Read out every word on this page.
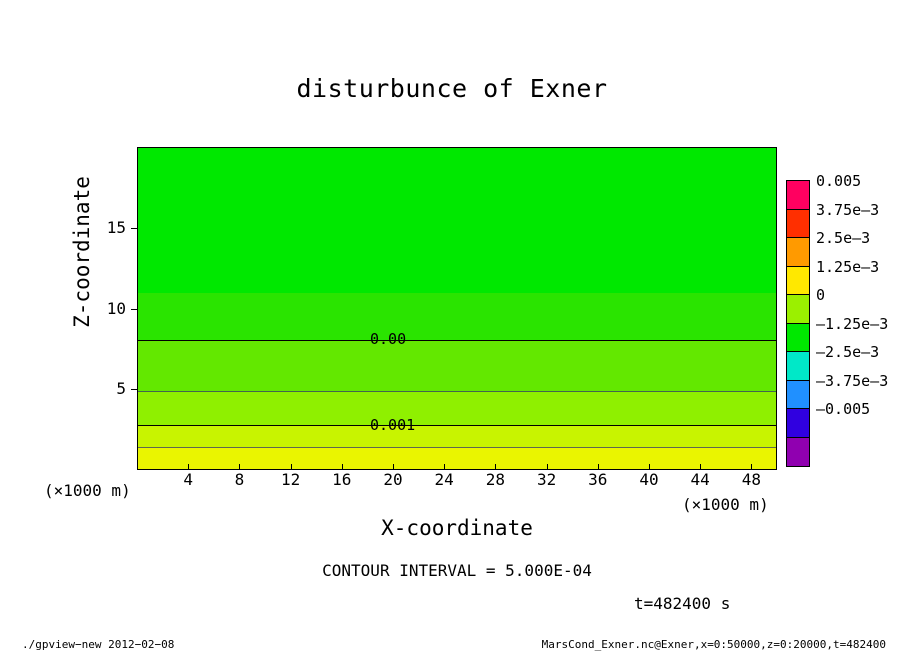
disturbunce of Exner
0.00
0.001
4	8	12	16	20	24	28	32	36	40	44	48
5
10
15
Z-coordinate
X-coordinate
(×1000 m)
(×1000 m)
CONTOUR INTERVAL = 5.000E-04
t=482400 s
0.005
3.75e–3
2.5e–3
1.25e–3
0
–1.25e–3
–2.5e–3
–3.75e–3
–0.005
./gpview−new 2012−02−08	MarsCond_Exner.nc@Exner,x=0:50000,z=0:20000,t=482400
